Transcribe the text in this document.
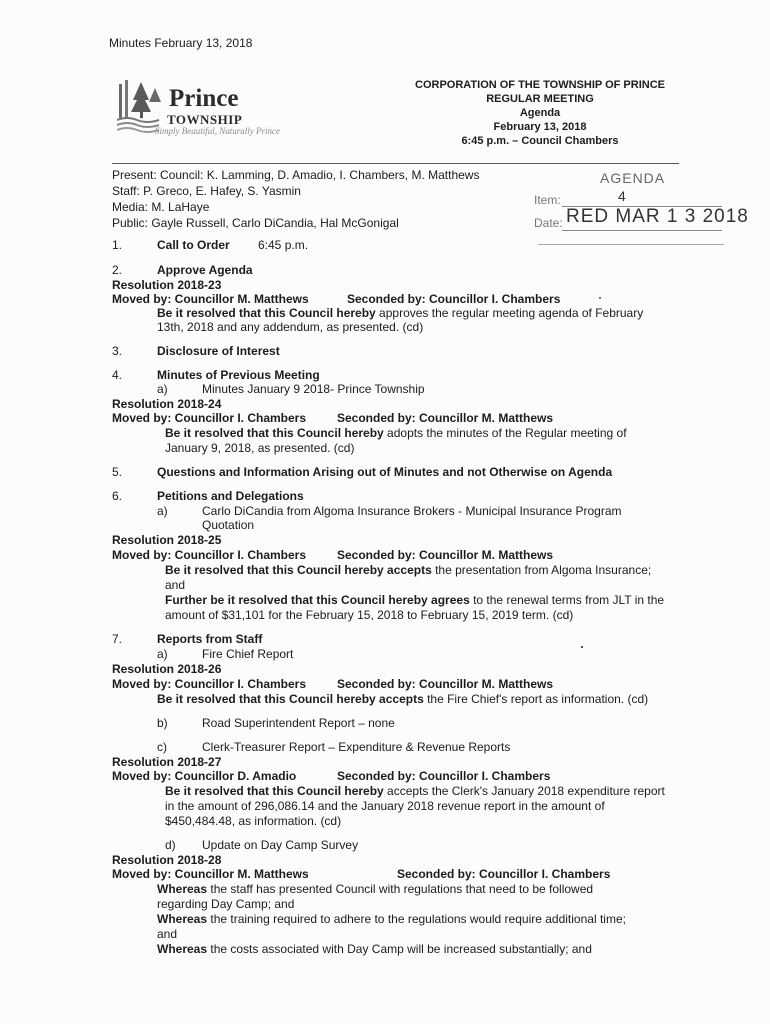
Minutes February 13, 2018
Prince
TOWNSHIP
Simply Beautiful, Naturally Prince
CORPORATION OF THE TOWNSHIP OF PRINCE
REGULAR MEETING
Agenda
February 13, 2018
6:45 p.m. – Council Chambers
AGENDA
Item:	4
Date: RED MAR 1 3 2018
Present: Council: K. Lamming, D. Amadio, I. Chambers, M. Matthews
Staff: P. Greco, E. Hafey, S. Yasmin
Media: M. LaHaye
Public: Gayle Russell, Carlo DiCandia, Hal McGonigal
1.	Call to Order 6:45 p.m.
2.	Approve Agenda
Resolution 2018-23
Moved by: Councillor M. Matthews	Seconded by: Councillor I. Chambers
Be it resolved that this Council hereby approves the regular meeting agenda of February
13th, 2018 and any addendum, as presented. (cd)
3.	Disclosure of Interest
4.	Minutes of Previous Meeting
a)	Minutes January 9 2018- Prince Township
Resolution 2018-24
Moved by: Councillor I. Chambers	Seconded by: Councillor M. Matthews
Be it resolved that this Council hereby adopts the minutes of the Regular meeting of
January 9, 2018, as presented. (cd)
5.	Questions and Information Arising out of Minutes and not Otherwise on Agenda
6.	Petitions and Delegations
a)	Carlo DiCandia from Algoma Insurance Brokers - Municipal Insurance Program
Quotation
Resolution 2018-25
Moved by: Councillor I. Chambers	Seconded by: Councillor M. Matthews
Be it resolved that this Council hereby accepts the presentation from Algoma Insurance;
and
Further be it resolved that this Council hereby agrees to the renewal terms from JLT in the
amount of $31,101 for the February 15, 2018 to February 15, 2019 term. (cd)
7.	Reports from Staff
a)	Fire Chief Report
Resolution 2018-26
Moved by: Councillor I. Chambers	Seconded by: Councillor M. Matthews
Be it resolved that this Council hereby accepts the Fire Chief's report as information. (cd)
b)	Road Superintendent Report – none
c)	Clerk-Treasurer Report – Expenditure & Revenue Reports
Resolution 2018-27
Moved by: Councillor D. Amadio	Seconded by: Councillor I. Chambers
Be it resolved that this Council hereby accepts the Clerk's January 2018 expenditure report
in the amount of 296,086.14 and the January 2018 revenue report in the amount of
$450,484.48, as information. (cd)
d) Update on Day Camp Survey
Resolution 2018-28
Moved by: Councillor M. Matthews	Seconded by: Councillor I. Chambers
Whereas the staff has presented Council with regulations that need to be followed
regarding Day Camp; and
Whereas the training required to adhere to the regulations would require additional time;
and
Whereas the costs associated with Day Camp will be increased substantially; and
